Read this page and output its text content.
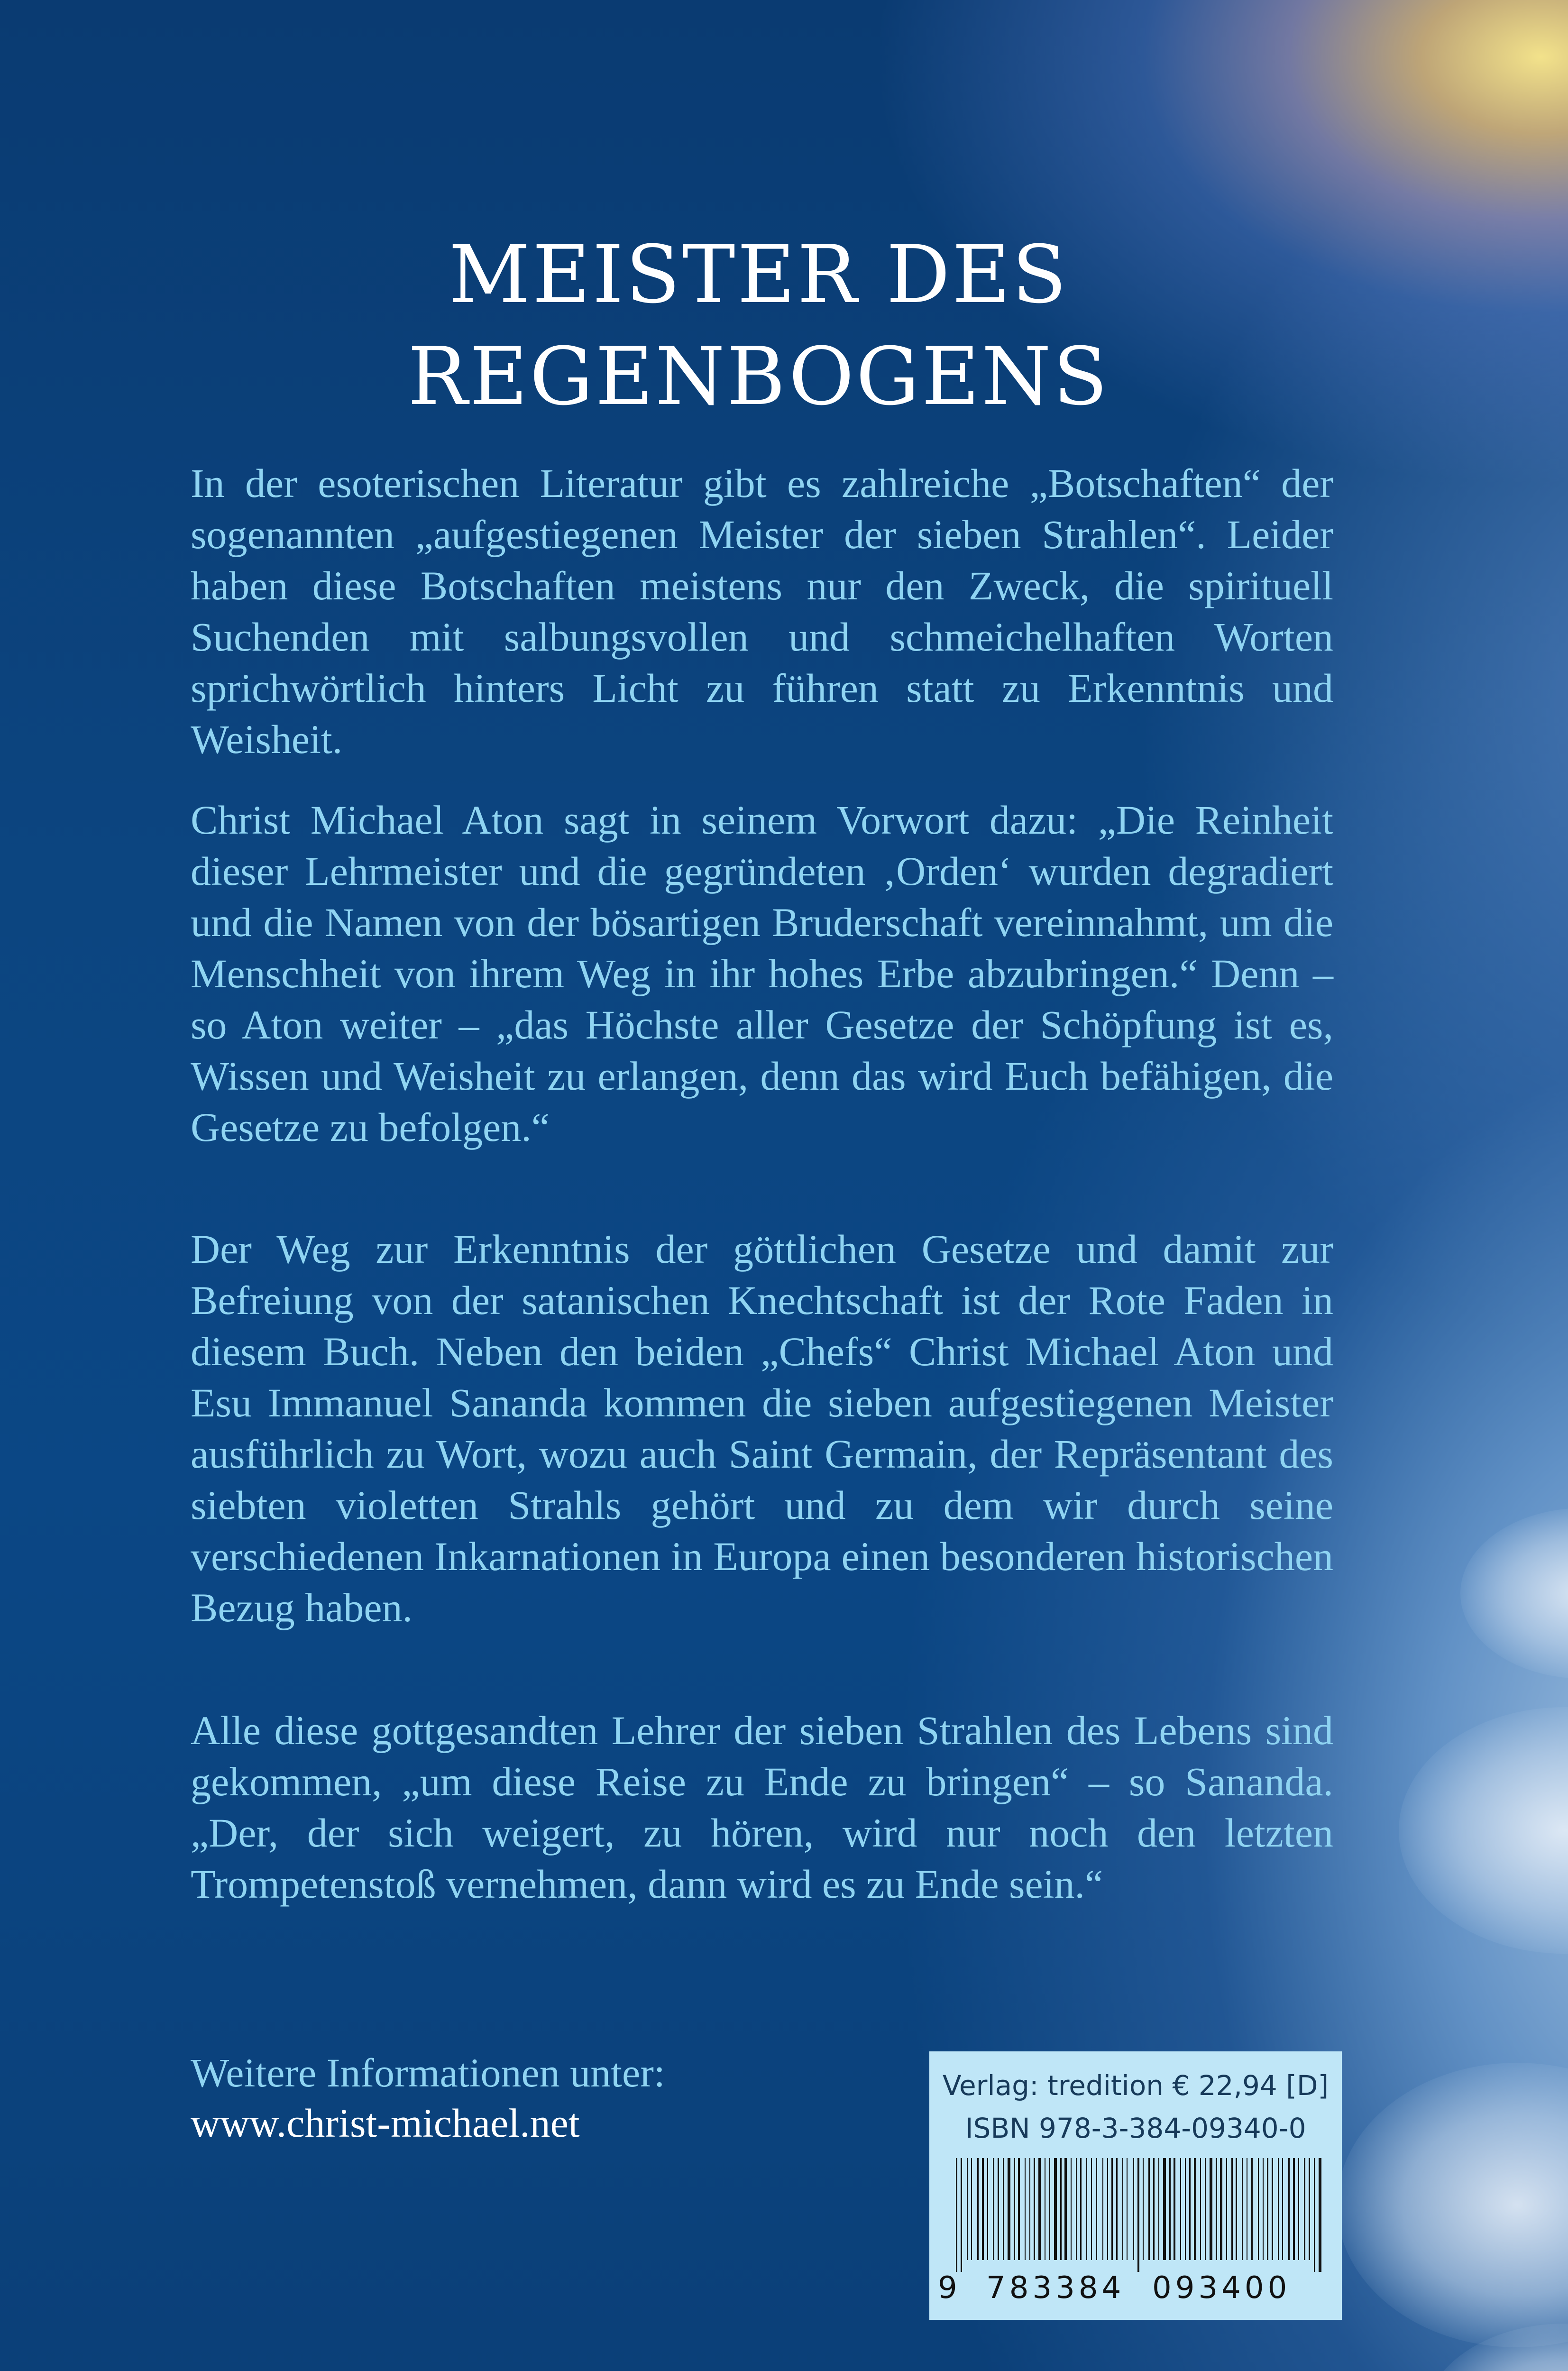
MEISTER DES
REGENBOGENS

In der esoterischen Literatur gibt es zahlreiche „Botschaften“ der sogenannten „aufgestiegenen Meister der sieben Strahlen“. Leider haben diese Botschaften meistens nur den Zweck, die spirituell Suchenden mit salbungsvollen und schmeichelhaften Worten sprichwörtlich hinters Licht zu führen statt zu Erkenntnis und Weisheit.

Christ Michael Aton sagt in seinem Vorwort dazu: „Die Reinheit dieser Lehrmeister und die gegründeten ‚Orden‘ wurden degradiert und die Namen von der bösartigen Bruderschaft vereinnahmt, um die Menschheit von ihrem Weg in ihr hohes Erbe abzubringen.“ Denn – so Aton weiter – „das Höchste aller Gesetze der Schöpfung ist es, Wissen und Weisheit zu erlangen, denn das wird Euch befähigen, die Gesetze zu befolgen.“

Der Weg zur Erkenntnis der göttlichen Gesetze und damit zur Befreiung von der satanischen Knechtschaft ist der Rote Faden in diesem Buch. Neben den beiden „Chefs“ Christ Michael Aton und Esu Immanuel Sananda kommen die sieben aufgestiegenen Meister ausführlich zu Wort, wozu auch Saint Germain, der Repräsentant des siebten violetten Strahls gehört und zu dem wir durch seine verschiedenen Inkarnationen in Europa einen besonderen historischen Bezug haben.

Alle diese gottgesandten Lehrer der sieben Strahlen des Lebens sind gekommen, „um diese Reise zu Ende zu bringen“ – so Sananda. „Der, der sich weigert, zu hören, wird nur noch den letzten Trompetenstoß vernehmen, dann wird es zu Ende sein.“

Weitere Informationen unter:
www.christ-michael.net
Verlag: tredition € 22,94 [D]
ISBN 978-3-384-09340-0
9 783384 093400
